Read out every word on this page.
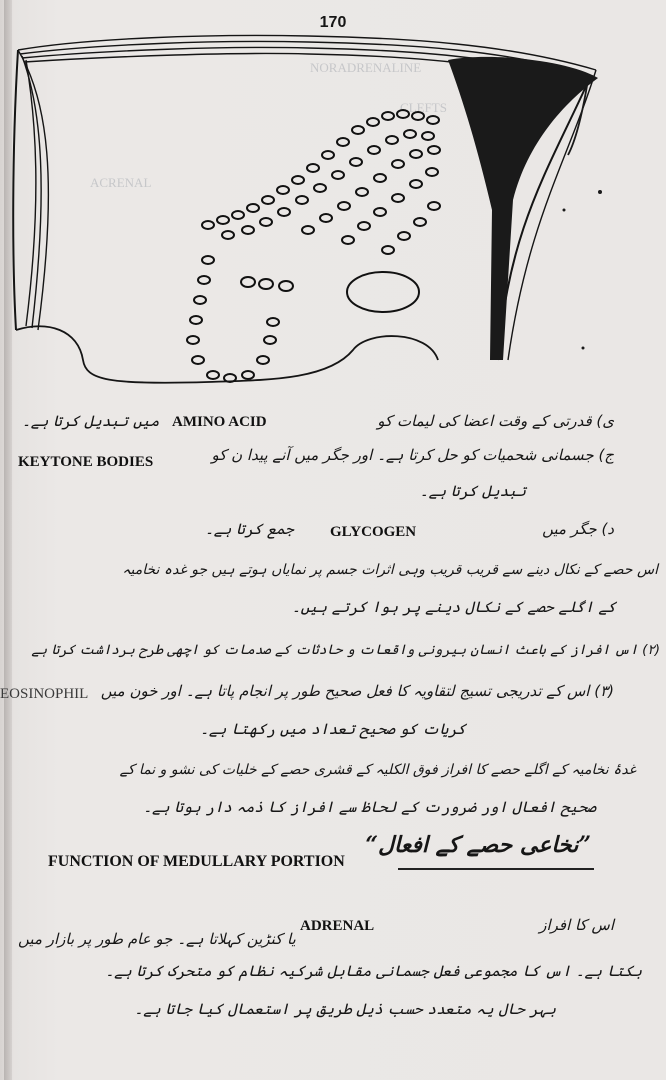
170
NORADRENALINE
CLEFTS
ACRENAL
ی) قدرتی کے وقت اعضا کی لیمات کو
AMINO ACID
میں تبدیل کرتا ہے۔
ج) جسمانی شحمیات کو حل کرتا ہے۔ اور جگر میں آنے پیدا ن کو
KEYTONE BODIES
تبدیل کرتا ہے۔
د) جگر میں
GLYCOGEN
جمع کرتا ہے۔
اس حصے کے نکال دینے سے قریب قریب وہی اثرات جسم پر نمایاں ہوتے ہیں جو غدہ نخامیہ
کے اگلے حصے کے نکال دینے پر ہوا کرتے ہیں۔
(۲) اس افراز کے باعث انسان بیرونی واقعات و حادثات کے صدمات کو اچھی طرح برداشت کرتا ہے
(۳) اس کے تدریجی تسیج لتقاویہ کا فعل صحیح طور پر انجام پاتا ہے۔ اور خون میں
EOSINOPHIL
کریات کو صحیح تعداد میں رکھتا ہے۔
غدۂ نخامیہ کے اگلے حصے کا افراز فوق الکلیہ کے قشری حصے کے خلیات کی نشو و نما کے
صحیح افعال اور ضرورت کے لحاظ سے افراز کا ذمہ دار ہوتا ہے۔
”نخاعی حصے کے افعال“
FUNCTION OF MEDULLARY PORTION
اس کا افراز
ADRENAL
یا کنڑین کہلاتا ہے۔ جو عام طور پر بازار میں
بکتا ہے۔ اس کا مجموعی فعل جسمانی مقابل شرکیہ نظام کو متحرک کرتا ہے۔
بہر حال یہ متعدد حسب ذیل طریق پر استعمال کیا جاتا ہے۔
